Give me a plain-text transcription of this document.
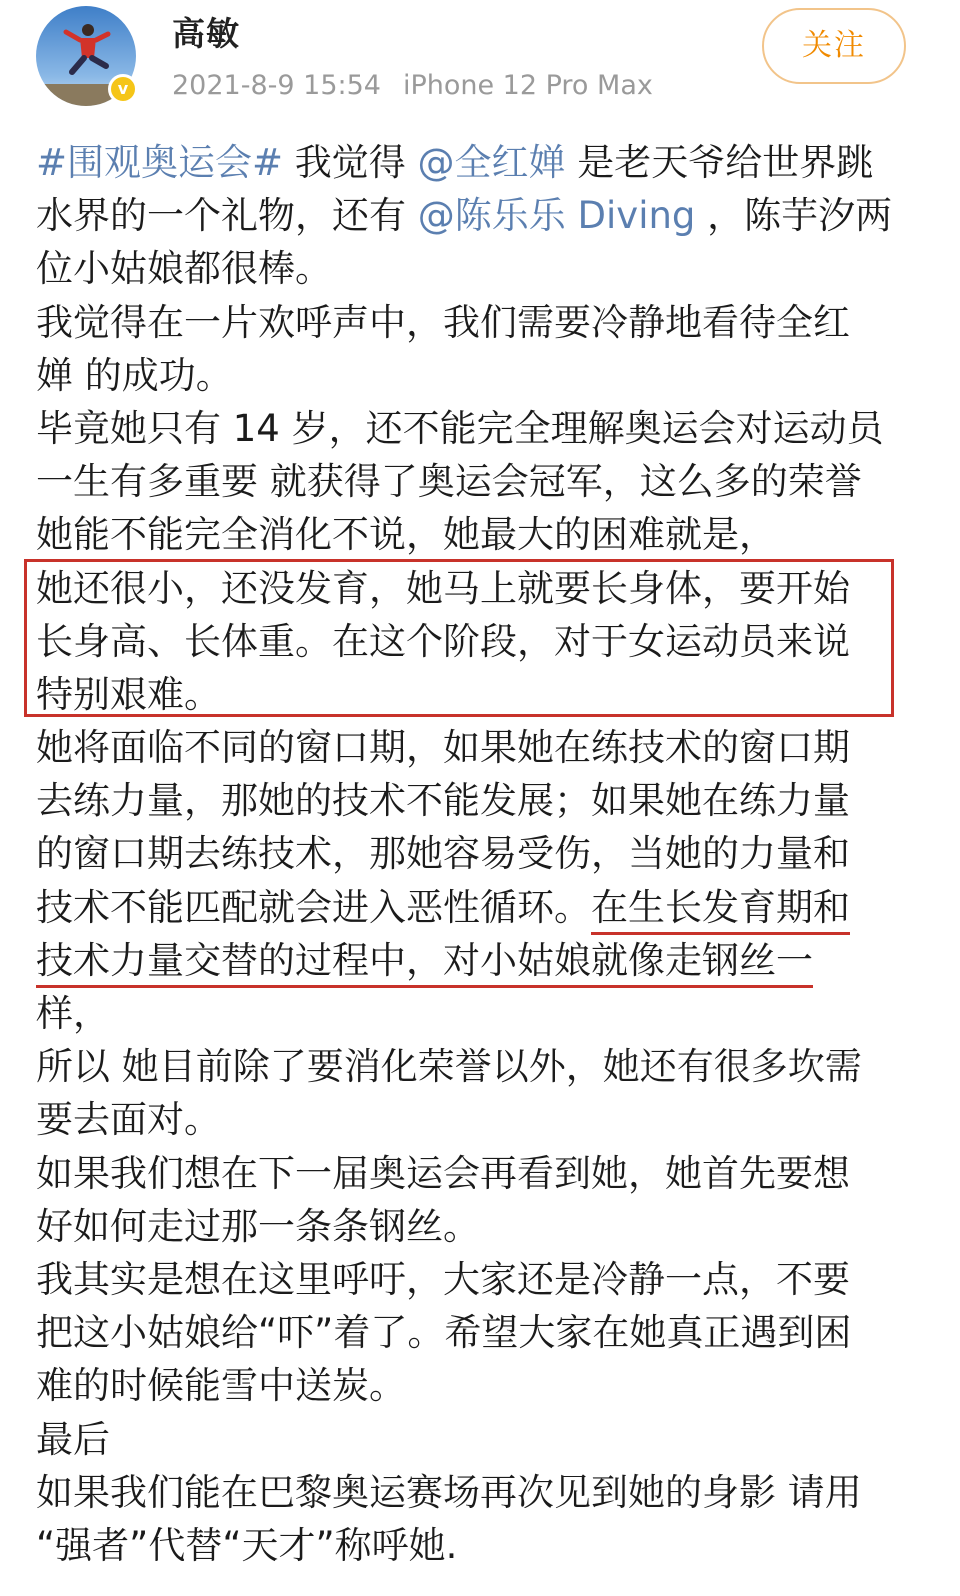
v
高敏
2021-8-9 15:54 iPhone 12 Pro Max
关注
#围观奥运会# 我觉得 @全红婵 是老天爷给世界跳
水界的一个礼物，还有 @陈乐乐 Diving ，陈芋汐两
位小姑娘都很棒。
我觉得在一片欢呼声中，我们需要冷静地看待全红
婵 的成功。
毕竟她只有 14 岁，还不能完全理解奥运会对运动员
一生有多重要 就获得了奥运会冠军，这么多的荣誉
她能不能完全消化不说，她最大的困难就是，
她还很小，还没发育，她马上就要长身体，要开始
长身高、长体重。在这个阶段，对于女运动员来说
特别艰难。
她将面临不同的窗口期，如果她在练技术的窗口期
去练力量，那她的技术不能发展；如果她在练力量
的窗口期去练技术，那她容易受伤，当她的力量和
技术不能匹配就会进入恶性循环。在生长发育期和
技术力量交替的过程中，对小姑娘就像走钢丝一
样，
所以 她目前除了要消化荣誉以外，她还有很多坎需
要去面对。
如果我们想在下一届奥运会再看到她，她首先要想
好如何走过那一条条钢丝。
我其实是想在这里呼吁，大家还是冷静一点，不要
把这小姑娘给“吓”着了。希望大家在她真正遇到困
难的时候能雪中送炭。
最后
如果我们能在巴黎奥运赛场再次见到她的身影 请用
“强者”代替“天才”称呼她.
